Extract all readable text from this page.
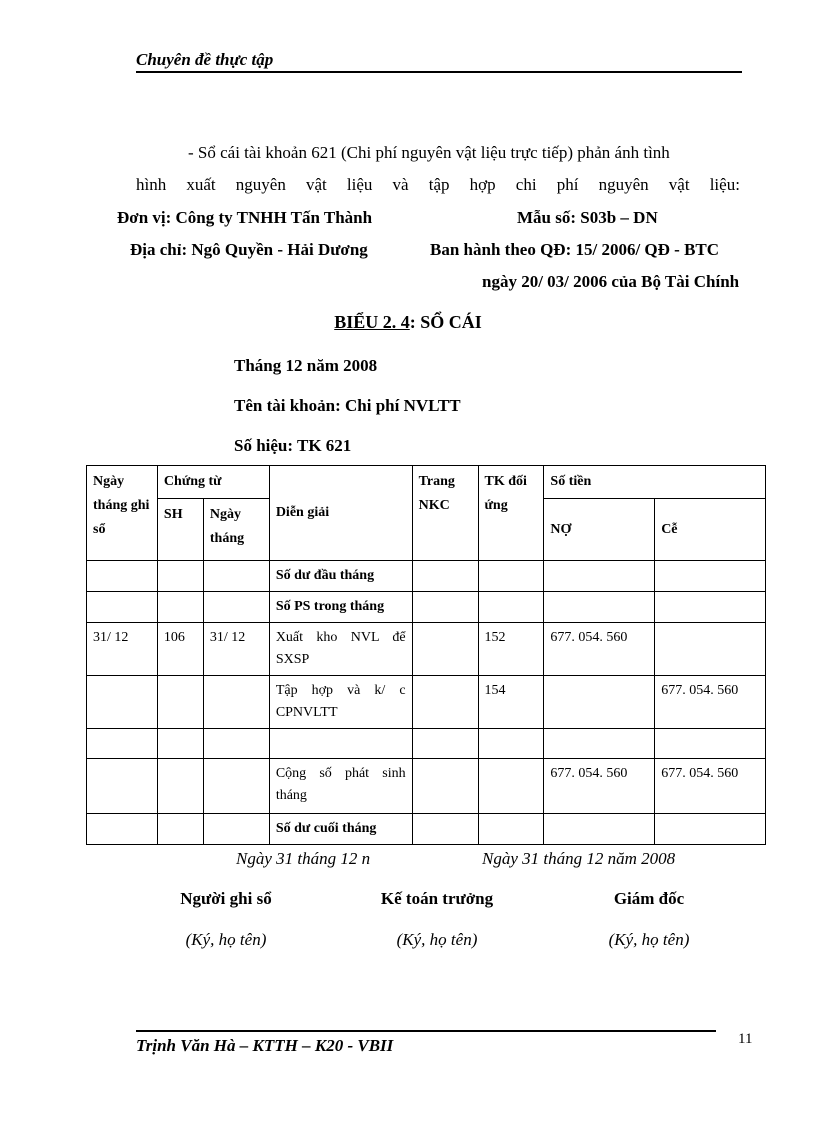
Chuyên đề thực tập
- Sổ cái tài khoản 621 (Chi phí nguyên vật liệu trực tiếp) phản ánh tình
hình xuất nguyên vật liệu và tập hợp chi phí nguyên vật liệu:
Đơn vị: Công ty TNHH Tấn Thành	Mẫu số: S03b – DN
Địa chỉ: Ngô Quyền - Hải Dương	Ban hành theo QĐ: 15/ 2006/ QĐ - BTC
ngày 20/ 03/ 2006 của Bộ Tài Chính
BIỂU 2. 4: SỔ CÁI
Tháng 12 năm 2008
Tên tài khoản: Chi phí NVLTT
Số hiệu: TK 621
Ngày tháng ghi sổ	Chứng từ		Diễn giải	Trang NKC	TK đối ứng	Số tiền	
	SH	Ngày tháng				NỢ	Cễ
			Số dư đầu tháng				
			Số PS trong tháng				
31/ 12	106	31/ 12	Xuất kho NVL để SXSP		152	677. 054. 560	
			Tập hợp và k/ c CPNVLTT		154		677. 054. 560

			Cộng số phát sinh tháng			677. 054. 560	677. 054. 560
			Số dư cuối tháng				
Ngày 31 tháng 12 n	Ngày 31 tháng 12 năm 2008
Người ghi sổ	Kế toán trưởng	Giám đốc
(Ký, họ tên)	(Ký, họ tên)	(Ký, họ tên)
Trịnh Văn Hà – KTTH – K20 - VBII	11
